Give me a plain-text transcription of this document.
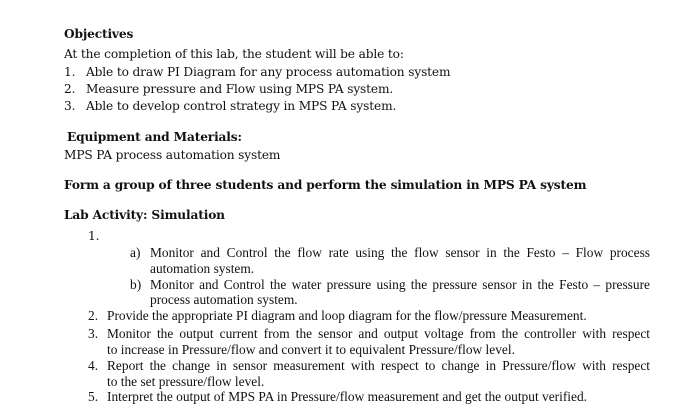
Objectives
At the completion of this lab, the student will be able to:
1. Able to draw PI Diagram for any process automation system
2. Measure pressure and Flow using MPS PA system.
3. Able to develop control strategy in MPS PA system.
Equipment and Materials:
MPS PA process automation system
Form a group of three students and perform the simulation in MPS PA system
Lab Activity: Simulation
1.
a) Monitor and Control the flow rate using the flow sensor in the Festo – Flow process
automation system.
b) Monitor and Control the water pressure using the pressure sensor in the Festo – pressure
process automation system.
2. Provide the appropriate PI diagram and loop diagram for the flow/pressure Measurement.
3. Monitor the output current from the sensor and output voltage from the controller with respect
to increase in Pressure/flow and convert it to equivalent Pressure/flow level.
4. Report the change in sensor measurement with respect to change in Pressure/flow with respect
to the set pressure/flow level.
5. Interpret the output of MPS PA in Pressure/flow measurement and get the output verified.
